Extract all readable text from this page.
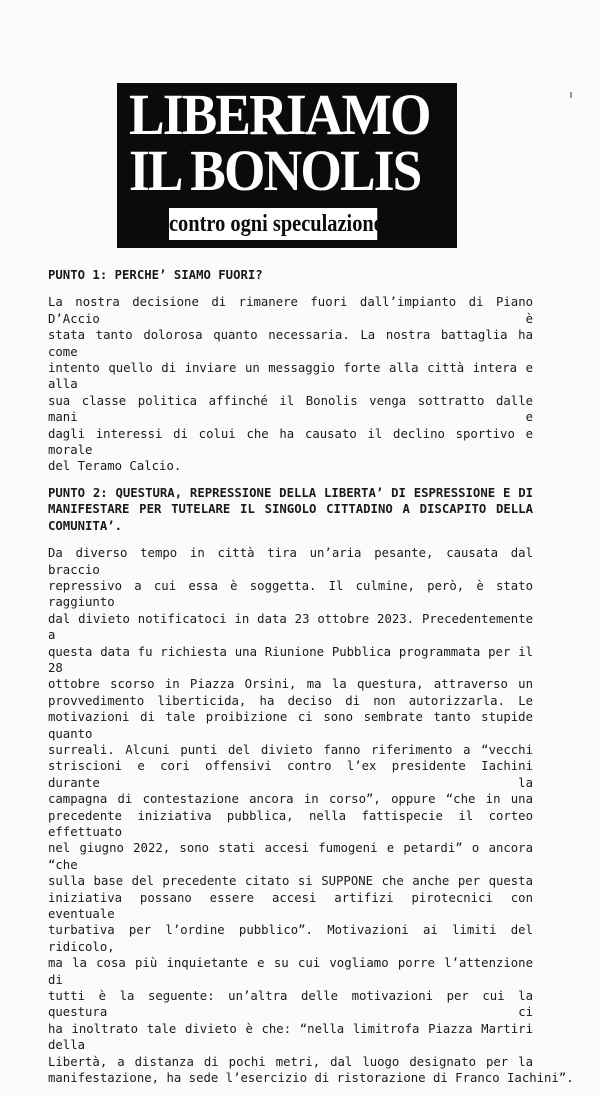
LIBERIAMO
IL BONOLIS
contro ogni speculazione
PUNTO 1: PERCHE’ SIAMO FUORI?
La nostra decisione di rimanere fuori dall’impianto di Piano D’Accio è
stata tanto dolorosa quanto necessaria. La nostra battaglia ha come
intento quello di inviare un messaggio forte alla città intera e alla
sua classe politica affinché il Bonolis venga sottratto dalle mani e
dagli interessi di colui che ha causato il declino sportivo e morale
del Teramo Calcio.
PUNTO 2: QUESTURA, REPRESSIONE DELLA LIBERTA’ DI ESPRESSIONE E DI
MANIFESTARE PER TUTELARE IL SINGOLO CITTADINO A DISCAPITO DELLA
COMUNITA’.
Da diverso tempo in città tira un’aria pesante, causata dal braccio
repressivo a cui essa è soggetta. Il culmine, però, è stato raggiunto
dal divieto notificatoci in data 23 ottobre 2023. Precedentemente a
questa data fu richiesta una Riunione Pubblica programmata per il 28
ottobre scorso in Piazza Orsini, ma la questura, attraverso un
provvedimento liberticida, ha deciso di non autorizzarla. Le
motivazioni di tale proibizione ci sono sembrate tanto stupide quanto
surreali. Alcuni punti del divieto fanno riferimento a “vecchi
striscioni e cori offensivi contro l’ex presidente Iachini durante la
campagna di contestazione ancora in corso”, oppure “che in una
precedente iniziativa pubblica, nella fattispecie il corteo effettuato
nel giugno 2022, sono stati accesi fumogeni e petardi” o ancora “che
sulla base del precedente citato si SUPPONE che anche per questa
iniziativa possano essere accesi artifizi pirotecnici con eventuale
turbativa per l’ordine pubblico”. Motivazioni ai limiti del ridicolo,
ma la cosa più inquietante e su cui vogliamo porre l’attenzione di
tutti è la seguente: un’altra delle motivazioni per cui la questura ci
ha inoltrato tale divieto è che: “nella limitrofa Piazza Martiri della
Libertà, a distanza di pochi metri, dal luogo designato per la
manifestazione, ha sede l’esercizio di ristorazione di Franco Iachini”.
